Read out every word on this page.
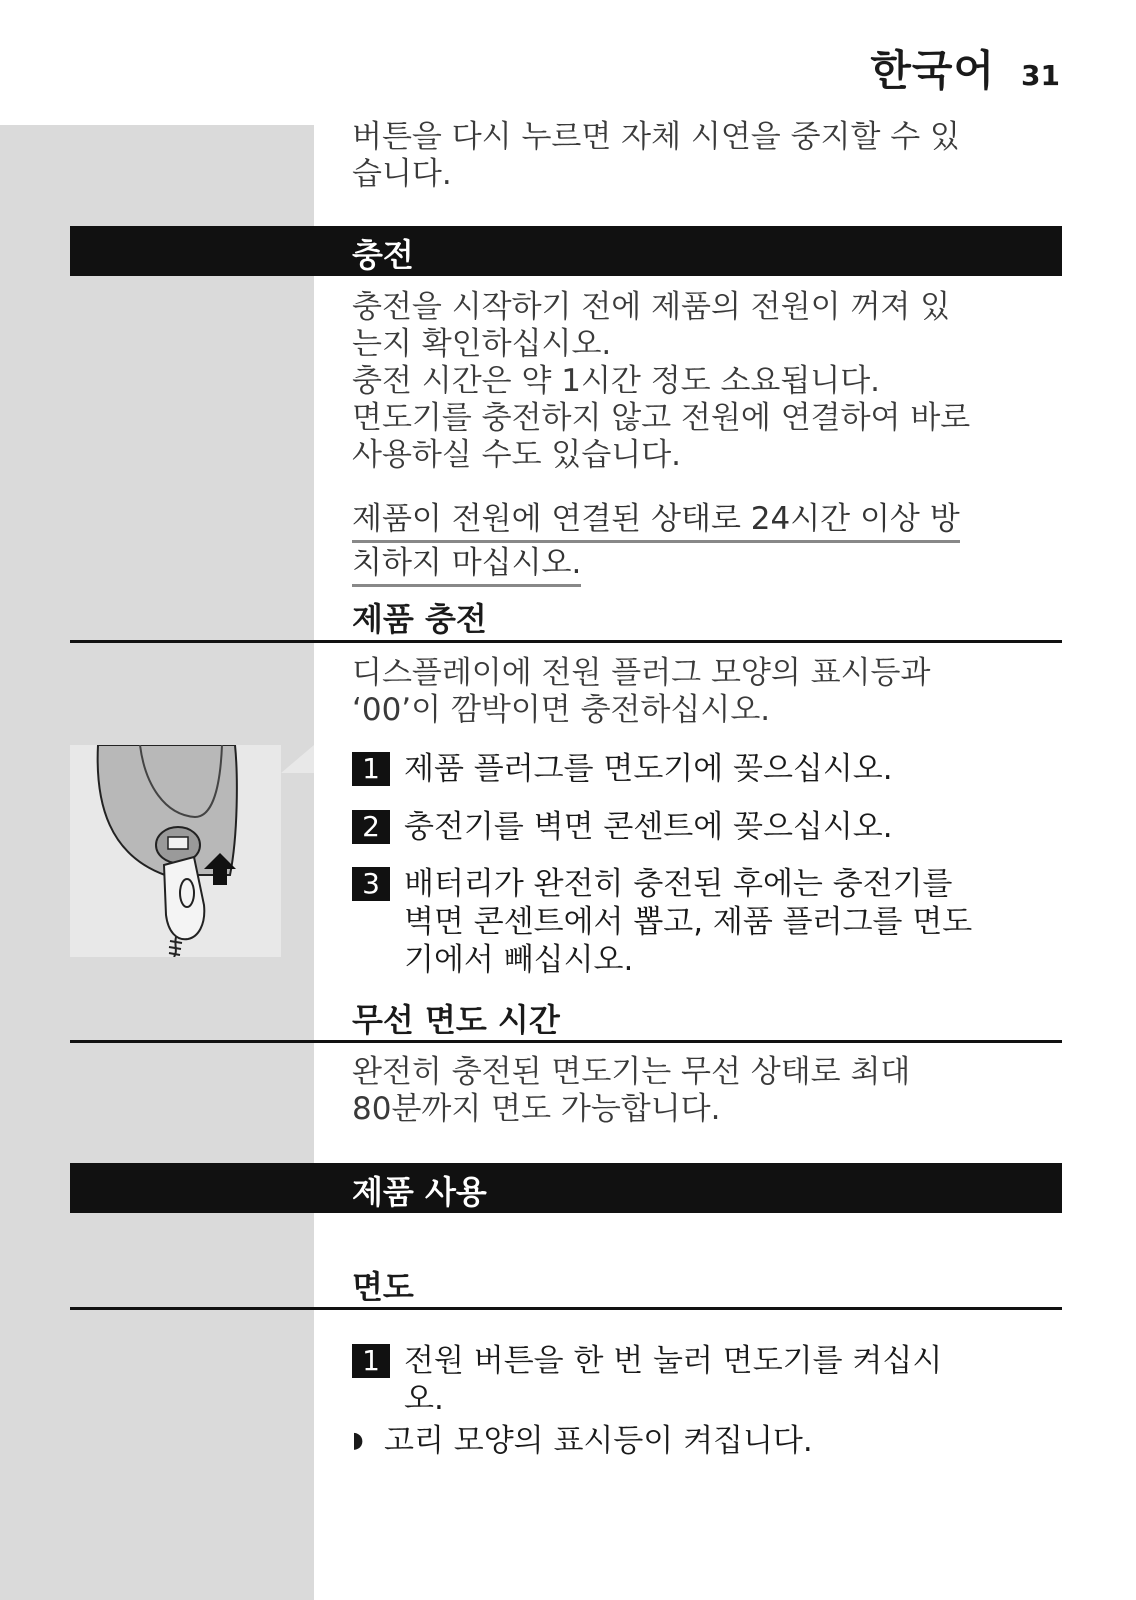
한국어 31

버튼을 다시 누르면 자체 시연을 중지할 수 있

습니다.

충전

충전을 시작하기 전에 제품의 전원이 꺼져 있

는지 확인하십시오.

충전 시간은 약 1시간 정도 소요됩니다.

면도기를 충전하지 않고 전원에 연결하여 바로

사용하실 수도 있습니다.

제품이 전원에 연결된 상태로 24시간 이상 방
치하지 마십시오.
제품 충전

디스플레이에 전원 플러그 모양의 표시등과

‘00’이 깜박이면 충전하십시오.

1 제품 플러그를 면도기에 꽂으십시오.
2 충전기를 벽면 콘센트에 꽂으십시오.
3 배터리가 완전히 충전된 후에는 충전기를
벽면 콘센트에서 뽑고, 제품 플러그를 면도
기에서 빼십시오.
무선 면도 시간

완전히 충전된 면도기는 무선 상태로 최대

80분까지 면도 가능합니다.

제품 사용
면도
1 전원 버튼을 한 번 눌러 면도기를 켜십시
오.
◗ 고리 모양의 표시등이 켜집니다.
